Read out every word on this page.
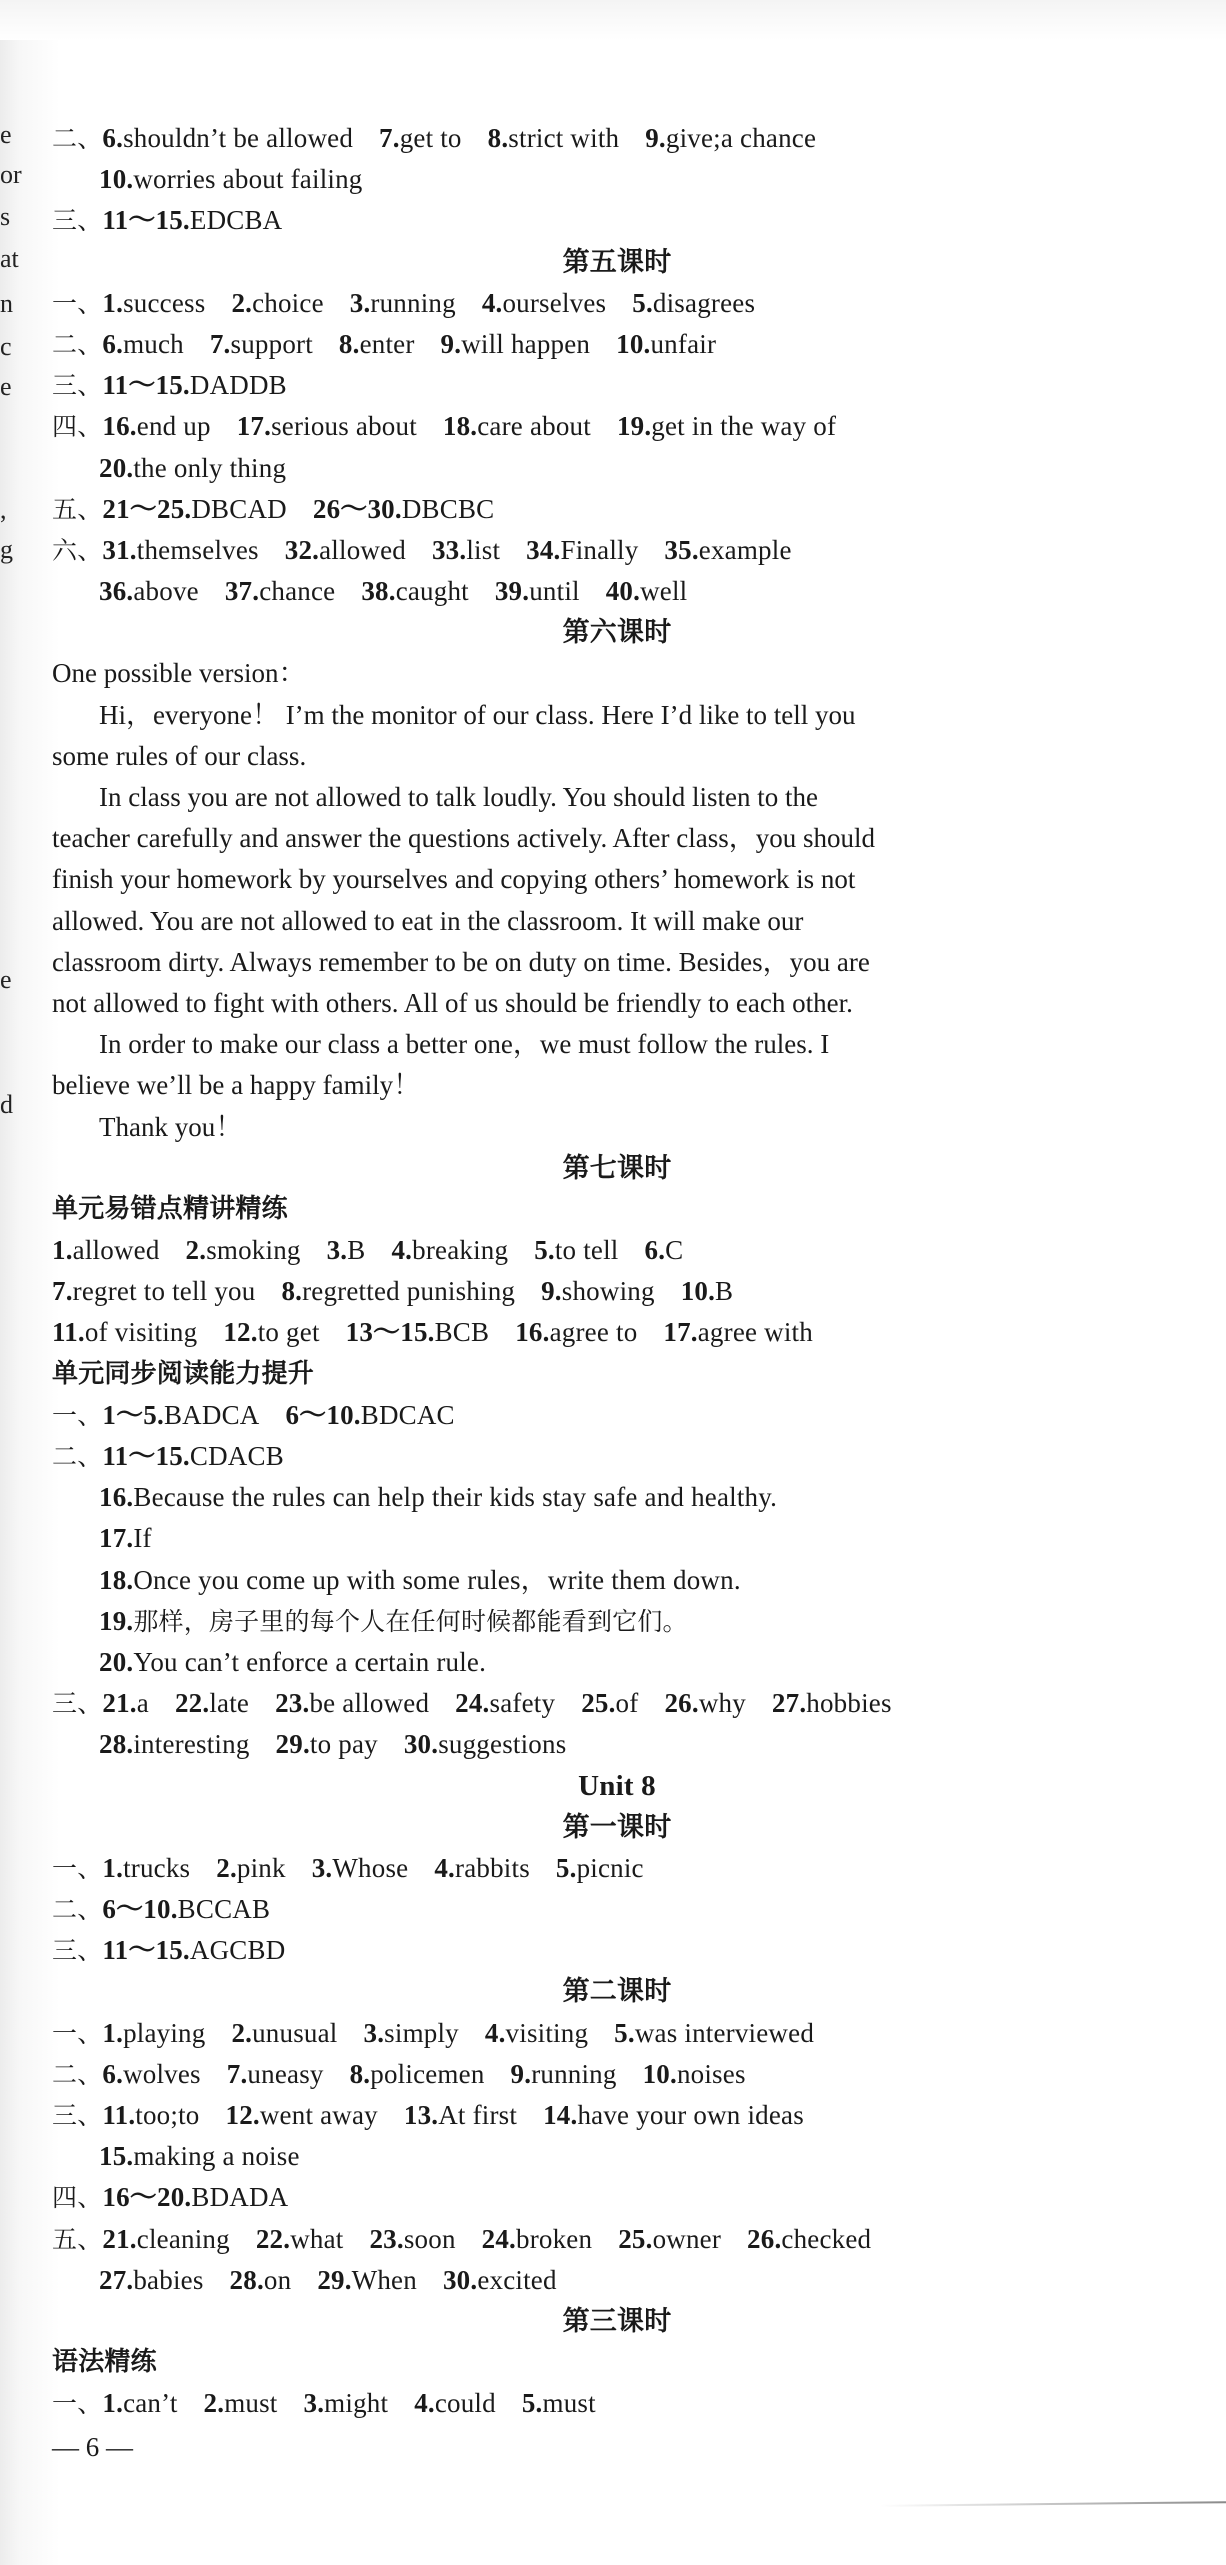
e
or
s
at
n
c
e
,
g
e
d
二、6.shouldn’t be allowed 7.get to 8.strict with 9.give;a chance
10.worries about failing
三、11～15.EDCBA
第五课时
一、1.success 2.choice 3.running 4.ourselves 5.disagrees
二、6.much 7.support 8.enter 9.will happen 10.unfair
三、11～15.DADDB
四、16.end up 17.serious about 18.care about 19.get in the way of
20.the only thing
五、21～25.DBCAD 26～30.DBCBC
六、31.themselves 32.allowed 33.list 34.Finally 35.example
36.above 37.chance 38.caught 39.until 40.well
第六课时
One possible version：
Hi，everyone！ I’m the monitor of our class. Here I’d like to tell you
some rules of our class.
In class you are not allowed to talk loudly. You should listen to the
teacher carefully and answer the questions actively. After class，you should
finish your homework by yourselves and copying others’ homework is not
allowed. You are not allowed to eat in the classroom. It will make our
classroom dirty. Always remember to be on duty on time. Besides，you are
not allowed to fight with others. All of us should be friendly to each other.
In order to make our class a better one，we must follow the rules. I
believe we’ll be a happy family！
Thank you！
第七课时
单元易错点精讲精练
1.allowed 2.smoking 3.B 4.breaking 5.to tell 6.C
7.regret to tell you 8.regretted punishing 9.showing 10.B
11.of visiting 12.to get 13～15.BCB 16.agree to 17.agree with
单元同步阅读能力提升
一、1～5.BADCA 6～10.BDCAC
二、11～15.CDACB
16.Because the rules can help their kids stay safe and healthy.
17.If
18.Once you come up with some rules，write them down.
19.那样，房子里的每个人在任何时候都能看到它们。
20.You can’t enforce a certain rule.
三、21.a 22.late 23.be allowed 24.safety 25.of 26.why 27.hobbies
28.interesting 29.to pay 30.suggestions
Unit 8
第一课时
一、1.trucks 2.pink 3.Whose 4.rabbits 5.picnic
二、6～10.BCCAB
三、11～15.AGCBD
第二课时
一、1.playing 2.unusual 3.simply 4.visiting 5.was interviewed
二、6.wolves 7.uneasy 8.policemen 9.running 10.noises
三、11.too;to 12.went away 13.At first 14.have your own ideas
15.making a noise
四、16～20.BDADA
五、21.cleaning 22.what 23.soon 24.broken 25.owner 26.checked
27.babies 28.on 29.When 30.excited
第三课时
语法精练
一、1.can’t 2.must 3.might 4.could 5.must
— 6 —
